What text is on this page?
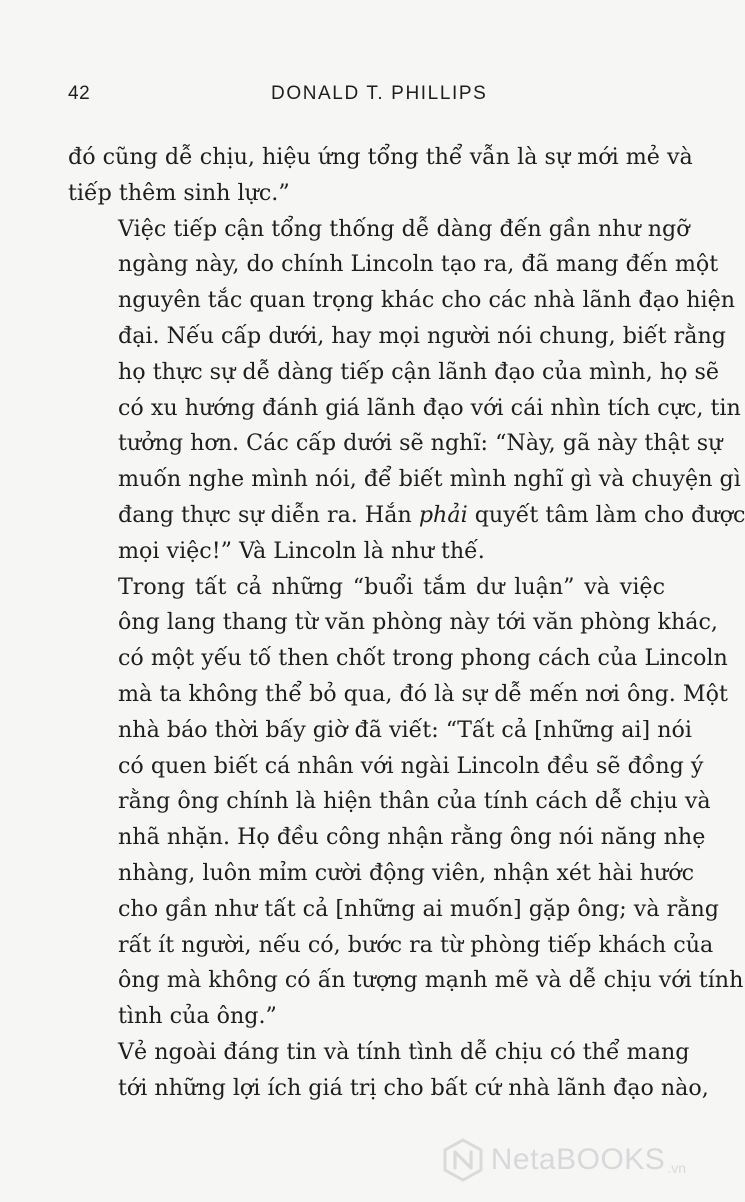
42	DONALD T. PHILLIPS

đó cũng dễ chịu, hiệu ứng tổng thể vẫn là sự mới mẻ và
tiếp thêm sinh lực.”

Việc tiếp cận tổng thống dễ dàng đến gần như ngỡ
ngàng này, do chính Lincoln tạo ra, đã mang đến một
nguyên tắc quan trọng khác cho các nhà lãnh đạo hiện
đại. Nếu cấp dưới, hay mọi người nói chung, biết rằng
họ thực sự dễ dàng tiếp cận lãnh đạo của mình, họ sẽ
có xu hướng đánh giá lãnh đạo với cái nhìn tích cực, tin
tưởng hơn. Các cấp dưới sẽ nghĩ: “Này, gã này thật sự
muốn nghe mình nói, để biết mình nghĩ gì và chuyện gì
đang thực sự diễn ra. Hắn phải quyết tâm làm cho được
mọi việc!” Và Lincoln là như thế.

Trong tất cả những “buổi tắm dư luận” và việc
ông lang thang từ văn phòng này tới văn phòng khác,
có một yếu tố then chốt trong phong cách của Lincoln
mà ta không thể bỏ qua, đó là sự dễ mến nơi ông. Một
nhà báo thời bấy giờ đã viết: “Tất cả [những ai] nói
có quen biết cá nhân với ngài Lincoln đều sẽ đồng ý
rằng ông chính là hiện thân của tính cách dễ chịu và
nhã nhặn. Họ đều công nhận rằng ông nói năng nhẹ
nhàng, luôn mỉm cười động viên, nhận xét hài hước
cho gần như tất cả [những ai muốn] gặp ông; và rằng
rất ít người, nếu có, bước ra từ phòng tiếp khách của
ông mà không có ấn tượng mạnh mẽ và dễ chịu với tính
tình của ông.”

Vẻ ngoài đáng tin và tính tình dễ chịu có thể mang
tới những lợi ích giá trị cho bất cứ nhà lãnh đạo nào,

NetaBOOKS .vn
